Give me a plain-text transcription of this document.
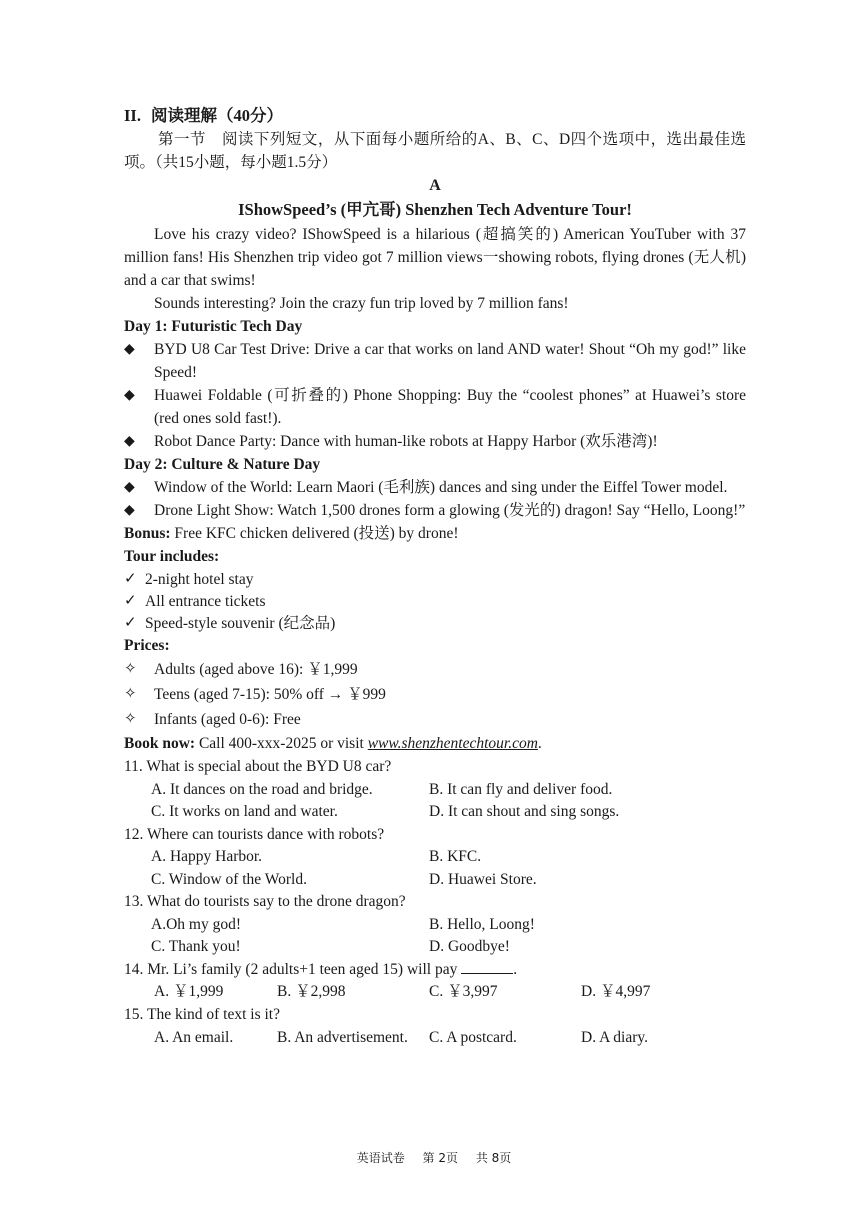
II. 阅读理解（40分）
第一节　阅读下列短文，从下面每小题所给的A、B、C、D四个选项中，选出最佳选项。（共15小题，每小题1.5分）
A
IShowSpeed’s (甲亢哥) Shenzhen Tech Adventure Tour!
Love his crazy video? IShowSpeed is a hilarious (超搞笑的) American YouTuber with 37 million fans! His Shenzhen trip video got 7 million views一showing robots, flying drones (无人机) and a car that swims!
Sounds interesting? Join the crazy fun trip loved by 7 million fans!
Day 1: Futuristic Tech Day
◆	BYD U8 Car Test Drive: Drive a car that works on land AND water! Shout “Oh my god!” like Speed!
◆	Huawei Foldable (可折叠的) Phone Shopping: Buy the “coolest phones” at Huawei’s store (red ones sold fast!).
◆	Robot Dance Party: Dance with human-like robots at Happy Harbor (欢乐港湾)!
Day 2: Culture & Nature Day
◆	Window of the World: Learn Maori (毛利族) dances and sing under the Eiffel Tower model.
◆	Drone Light Show: Watch 1,500 drones form a glowing (发光的) dragon! Say “Hello, Loong!”
Bonus: Free KFC chicken delivered (投送) by drone!
Tour includes:
✓ 2-night hotel stay
✓ All entrance tickets
✓ Speed-style souvenir (纪念品)
Prices:
✧	Adults (aged above 16): ￥1,999
✧	Teens (aged 7-15): 50% off → ￥999
✧	Infants (aged 0-6): Free
Book now: Call 400-xxx-2025 or visit www.shenzhentechtour.com.
11. What is special about the BYD U8 car?
A. It dances on the road and bridge.	B. It can fly and deliver food.
C. It works on land and water.	D. It can shout and sing songs.
12. Where can tourists dance with robots?
A. Happy Harbor.	B. KFC.
C. Window of the World.	D. Huawei Store.
13. What do tourists say to the drone dragon?
A.Oh my god!	B. Hello, Loong!
C. Thank you!	D. Goodbye!
14. Mr. Li’s family (2 adults+1 teen aged 15) will pay	.
A. ￥1,999	B. ￥2,998	C. ￥3,997	D. ￥4,997
15. The kind of text is it?
A. An email.	B. An advertisement.	C. A postcard.	D. A diary.
英语试卷 第 2页 共 8页
